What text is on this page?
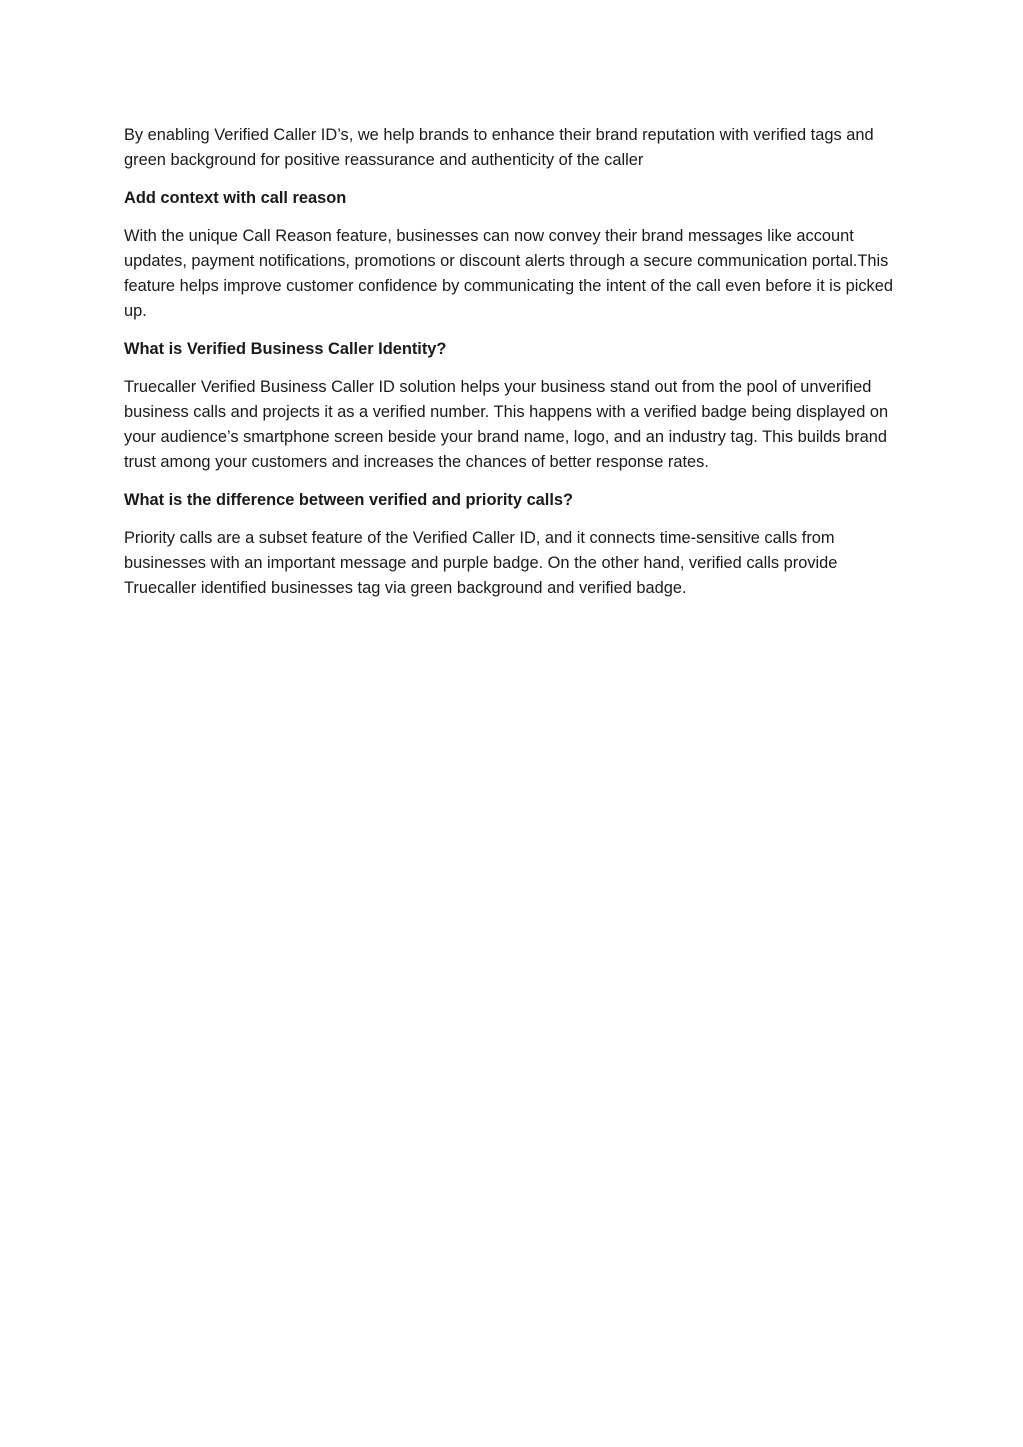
By enabling Verified Caller ID’s, we help brands to enhance their brand reputation with verified tags and green background for positive reassurance and authenticity of the caller

Add context with call reason

With the unique Call Reason feature, businesses can now convey their brand messages like account updates, payment notifications, promotions or discount alerts through a secure communication portal.This feature helps improve customer confidence by communicating the intent of the call even before it is picked up.

What is Verified Business Caller Identity?

Truecaller Verified Business Caller ID solution helps your business stand out from the pool of unverified business calls and projects it as a verified number. This happens with a verified badge being displayed on your audience’s smartphone screen beside your brand name, logo, and an industry tag. This builds brand trust among your customers and increases the chances of better response rates.

What is the difference between verified and priority calls?

Priority calls are a subset feature of the Verified Caller ID, and it connects time-sensitive calls from businesses with an important message and purple badge. On the other hand, verified calls provide Truecaller identified businesses tag via green background and verified badge.
